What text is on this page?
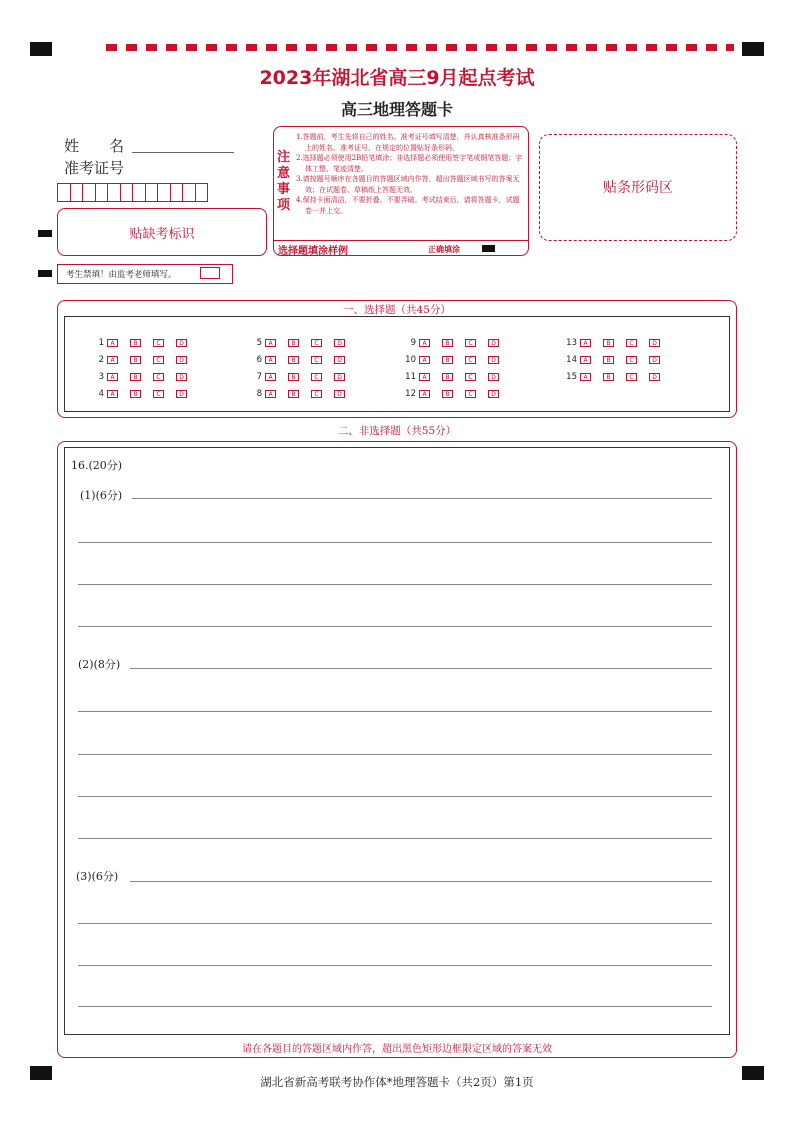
2023年湖北省高三9月起点考试
高三地理答题卡
姓　　名
准考证号
贴缺考标识
考生禁填！由监考老师填写。
注
意
事
项
1.答题前，考生先将自己的姓名、准考证号填写清楚，并认真核准条形码上的姓名、准考证号，在规定的位置贴好条形码。
2.选择题必须使用2B铅笔填涂；非选择题必须使用签字笔或钢笔答题；字体工整、笔迹清楚。
3.请按题号顺序在各题目的答题区域内作答，超出答题区域书写的答案无效；在试题卷、草稿纸上答题无效。
4.保持卡面清洁，不要折叠、不要弄破。考试结束后，请将答题卡，试题卷一并上交。
选择题填涂样例	正确填涂
贴条形码区
一、选择题（共45分）
1	A	B	C	D
2	A	B	C	D
3	A	B	C	D
4	A	B	C	D
5	A	B	C	D
6	A	B	C	D
7	A	B	C	D
8	A	B	C	D
9	A	B	C	D
10	A	B	C	D
11	A	B	C	D
12	A	B	C	D
13	A	B	C	D
14	A	B	C	D
15	A	B	C	D
二、非选择题（共55分）
16.(20分)
(1)(6分)
(2)(8分)
(3)(6分)
请在各题目的答题区域内作答，超出黑色矩形边框限定区域的答案无效
湖北省新高考联考协作体*地理答题卡（共2页）第1页
